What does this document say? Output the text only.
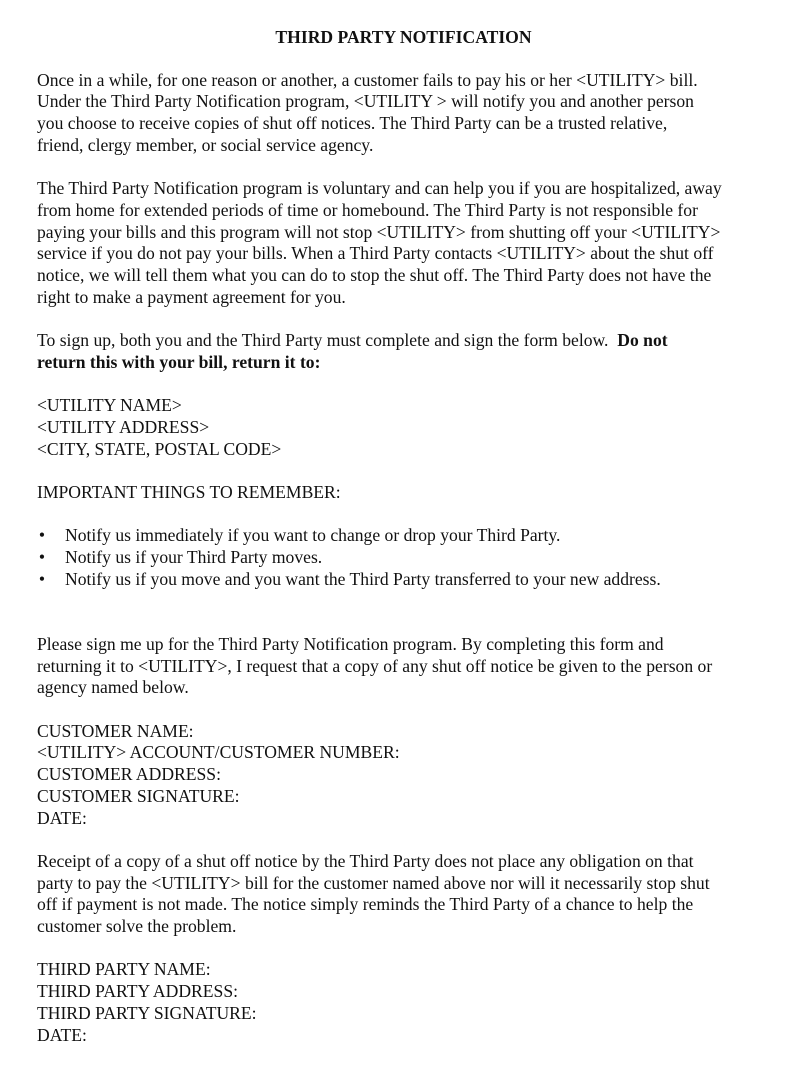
THIRD PARTY NOTIFICATION
Once in a while, for one reason or another, a customer fails to pay his or her <UTILITY> bill.
Under the Third Party Notification program, <UTILITY > will notify you and another person
you choose to receive copies of shut off notices. The Third Party can be a trusted relative,
friend, clergy member, or social service agency.
The Third Party Notification program is voluntary and can help you if you are hospitalized, away
from home for extended periods of time or homebound. The Third Party is not responsible for
paying your bills and this program will not stop <UTILITY> from shutting off your <UTILITY>
service if you do not pay your bills. When a Third Party contacts <UTILITY> about the shut off
notice, we will tell them what you can do to stop the shut off. The Third Party does not have the
right to make a payment agreement for you.
To sign up, both you and the Third Party must complete and sign the form below.  Do not
return this with your bill, return it to:
<UTILITY NAME>
<UTILITY ADDRESS>
<CITY, STATE, POSTAL CODE>
IMPORTANT THINGS TO REMEMBER:
• Notify us immediately if you want to change or drop your Third Party.
• Notify us if your Third Party moves.
• Notify us if you move and you want the Third Party transferred to your new address.
Please sign me up for the Third Party Notification program. By completing this form and
returning it to <UTILITY>, I request that a copy of any shut off notice be given to the person or
agency named below.
CUSTOMER NAME:
<UTILITY> ACCOUNT/CUSTOMER NUMBER:
CUSTOMER ADDRESS:
CUSTOMER SIGNATURE:
DATE:
Receipt of a copy of a shut off notice by the Third Party does not place any obligation on that
party to pay the <UTILITY> bill for the customer named above nor will it necessarily stop shut
off if payment is not made. The notice simply reminds the Third Party of a chance to help the
customer solve the problem.
THIRD PARTY NAME:
THIRD PARTY ADDRESS:
THIRD PARTY SIGNATURE:
DATE:
